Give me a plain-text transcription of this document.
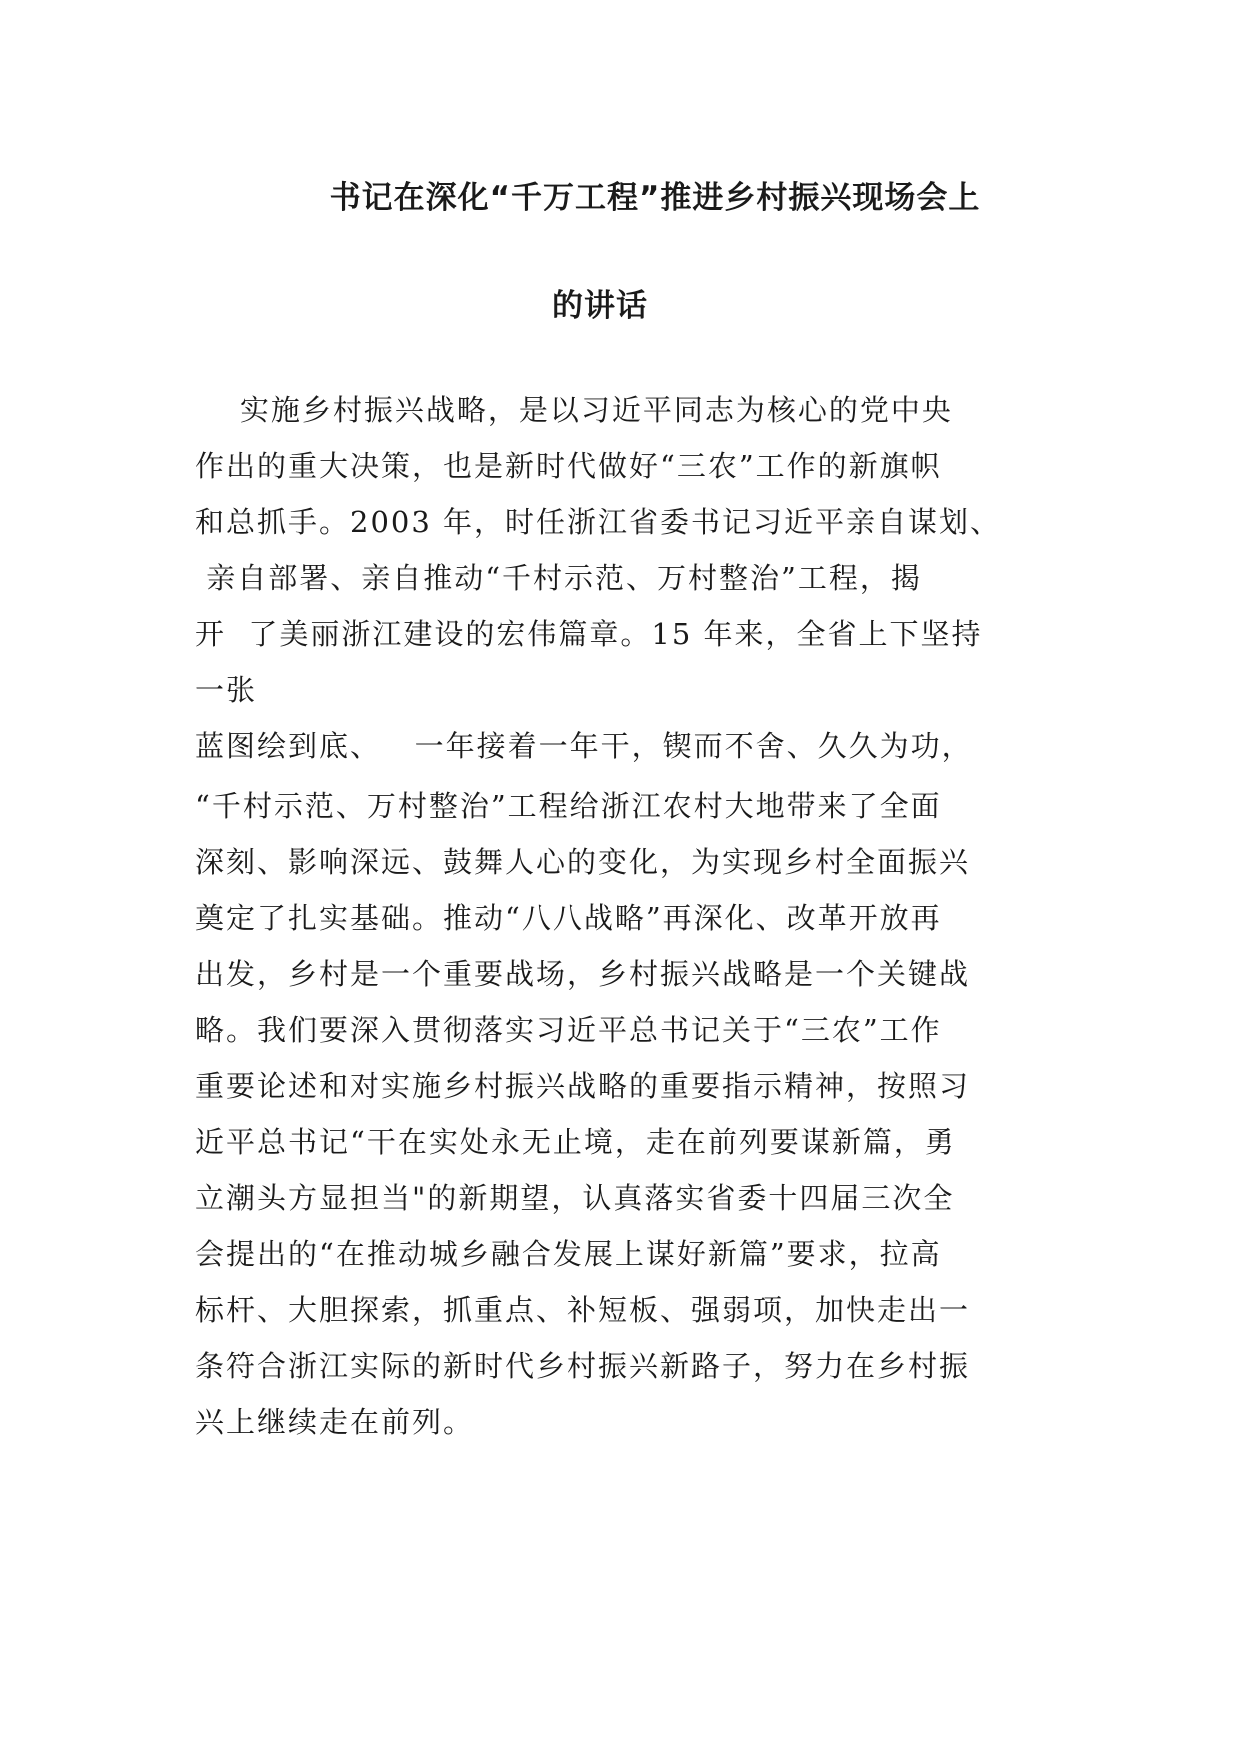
书记在深化“千万工程”推进乡村振兴现场会上
的讲话
实施乡村振兴战略，是以习近平同志为核心的党中央
作出的重大决策，也是新时代做好“三农”工作的新旗帜
和总抓手。2003 年，时任浙江省委书记习近平亲自谋划、
亲自部署、亲自推动“千村示范、万村整治”工程，揭
开  了美丽浙江建设的宏伟篇章。15 年来，全省上下坚持
一张
蓝图绘到底、   一年接着一年干，锲而不舍、久久为功，
“千村示范、万村整治”工程给浙江农村大地带来了全面
深刻、影响深远、鼓舞人心的变化，为实现乡村全面振兴
奠定了扎实基础。推动“八八战略”再深化、改革开放再
出发，乡村是一个重要战场，乡村振兴战略是一个关键战
略。我们要深入贯彻落实习近平总书记关于“三农”工作
重要论述和对实施乡村振兴战略的重要指示精神，按照习
近平总书记“干在实处永无止境，走在前列要谋新篇，勇
立潮头方显担当"的新期望，认真落实省委十四届三次全
会提出的“在推动城乡融合发展上谋好新篇”要求，拉高
标杆、大胆探索，抓重点、补短板、强弱项，加快走出一
条符合浙江实际的新时代乡村振兴新路子，努力在乡村振
兴上继续走在前列。
